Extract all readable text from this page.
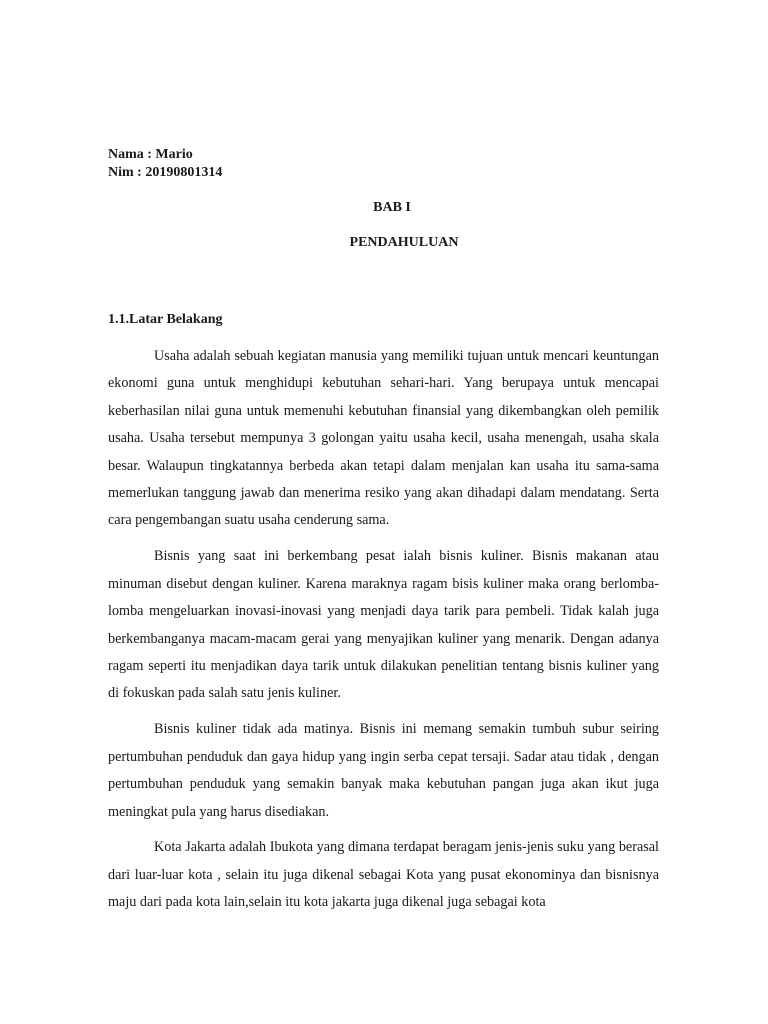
Nama : Mario
Nim : 20190801314
BAB I
PENDAHULUAN
1.1.Latar Belakang

Usaha adalah sebuah kegiatan manusia yang memiliki tujuan untuk mencari keuntungan ekonomi guna untuk menghidupi kebutuhan sehari-hari. Yang berupaya untuk mencapai keberhasilan nilai guna untuk memenuhi kebutuhan finansial yang dikembangkan oleh pemilik usaha. Usaha tersebut mempunya 3 golongan yaitu usaha kecil, usaha menengah, usaha skala besar. Walaupun tingkatannya berbeda akan tetapi dalam menjalan kan usaha itu sama-sama memerlukan tanggung jawab dan menerima resiko yang akan dihadapi dalam mendatang. Serta cara pengembangan suatu usaha cenderung sama.

Bisnis yang saat ini berkembang pesat ialah bisnis kuliner. Bisnis makanan atau minuman disebut dengan kuliner. Karena maraknya ragam bisis kuliner maka orang berlomba-lomba mengeluarkan inovasi-inovasi yang menjadi daya tarik para pembeli. Tidak kalah juga berkembanganya macam-macam gerai yang menyajikan kuliner yang menarik. Dengan adanya ragam seperti itu menjadikan daya tarik untuk dilakukan penelitian tentang bisnis kuliner yang di fokuskan pada salah satu jenis kuliner.

Bisnis kuliner tidak ada matinya. Bisnis ini memang semakin tumbuh subur seiring pertumbuhan penduduk dan gaya hidup yang ingin serba cepat tersaji. Sadar atau tidak , dengan pertumbuhan penduduk yang semakin banyak maka kebutuhan pangan juga akan ikut juga meningkat pula yang harus disediakan.

Kota Jakarta adalah Ibukota yang dimana terdapat beragam jenis-jenis suku yang berasal dari luar-luar kota , selain itu juga dikenal sebagai Kota yang pusat ekonominya dan bisnisnya maju dari pada kota lain,selain itu kota jakarta juga dikenal juga sebagai kota
